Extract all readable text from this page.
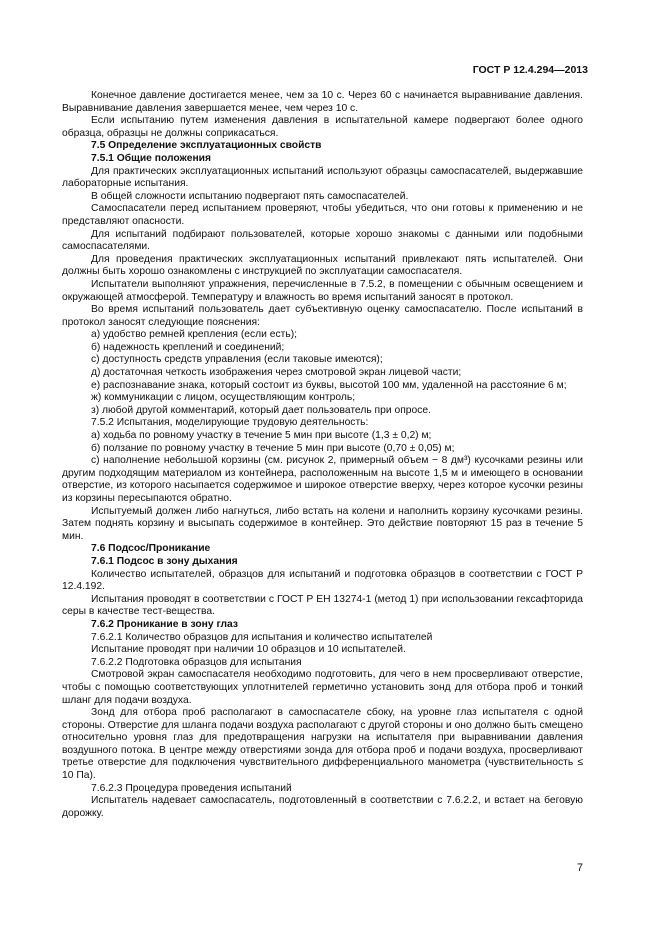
ГОСТ Р 12.4.294—2013

Конечное давление достигается менее, чем за 10 с. Через 60 с начинается выравнивание давления. Выравнивание давления завершается менее, чем через 10 с.

Если испытанию путем изменения давления в испытательной камере подвергают более одного образца, образцы не должны соприкасаться.

7.5 Определение эксплуатационных свойств

7.5.1 Общие положения

Для практических эксплуатационных испытаний используют образцы самоспасателей, выдержавшие лабораторные испытания.

В общей сложности испытанию подвергают пять самоспасателей.

Самоспасатели перед испытанием проверяют, чтобы убедиться, что они готовы к применению и не представляют опасности.

Для испытаний подбирают пользователей, которые хорошо знакомы с данными или подобными самоспасателями.

Для проведения практических эксплуатационных испытаний привлекают пять испытателей. Они должны быть хорошо ознакомлены с инструкцией по эксплуатации самоспасателя.

Испытатели выполняют упражнения, перечисленные в 7.5.2, в помещении с обычным освещением и окружающей атмосферой. Температуру и влажность во время испытаний заносят в протокол.

Во время испытаний пользователь дает субъективную оценку самоспасателю. После испытаний в протокол заносят следующие пояснения:

а) удобство ремней крепления (если есть);

б) надежность креплений и соединений;

с) доступность средств управления (если таковые имеются);

д) достаточная четкость изображения через смотровой экран лицевой части;

е) распознавание знака, который состоит из буквы, высотой 100 мм, удаленной на расстояние 6 м;

ж) коммуникации с лицом, осуществляющим контроль;

з) любой другой комментарий, который дает пользователь при опросе.

7.5.2 Испытания, моделирующие трудовую деятельность:

а) ходьба по ровному участку в течение 5 мин при высоте (1,3 ± 0,2) м;

б) ползание по ровному участку в течение 5 мин при высоте (0,70 ± 0,05) м;

с) наполнение небольшой корзины (см. рисунок 2, примерный объем − 8 дм³) кусочками резины или другим подходящим материалом из контейнера, расположенным на высоте 1,5 м и имеющего в основании отверстие, из которого насыпается содержимое и широкое отверстие вверху, через которое кусочки резины из корзины пересыпаются обратно.

Испытуемый должен либо нагнуться, либо встать на колени и наполнить корзину кусочками резины. Затем поднять корзину и высыпать содержимое в контейнер. Это действие повторяют 15 раз в течение 5 мин.

7.6 Подсос/Проникание

7.6.1 Подсос в зону дыхания

Количество испытателей, образцов для испытаний и подготовка образцов в соответствии с ГОСТ Р 12.4.192.

Испытания проводят в соответствии с ГОСТ Р ЕН 13274-1 (метод 1) при использовании гексафторида серы в качестве тест-вещества.

7.6.2 Проникание в зону глаз

7.6.2.1 Количество образцов для испытания и количество испытателей

Испытание проводят при наличии 10 образцов и 10 испытателей.

7.6.2.2 Подготовка образцов для испытания

Смотровой экран самоспасателя необходимо подготовить, для чего в нем просверливают отверстие, чтобы с помощью соответствующих уплотнителей герметично установить зонд для отбора проб и тонкий шланг для подачи воздуха.

Зонд для отбора проб располагают в самоспасателе сбоку, на уровне глаз испытателя с одной стороны. Отверстие для шланга подачи воздуха располагают с другой стороны и оно должно быть смещено относительно уровня глаз для предотвращения нагрузки на испытателя при выравнивании давления воздушного потока. В центре между отверстиями зонда для отбора проб и подачи воздуха, просверливают третье отверстие для подключения чувствительного дифференциального манометра (чувствительность ≤ 10 Па).

7.6.2.3 Процедура проведения испытаний

Испытатель надевает самоспасатель, подготовленный в соответствии с 7.6.2.2, и встает на беговую дорожку.

7
